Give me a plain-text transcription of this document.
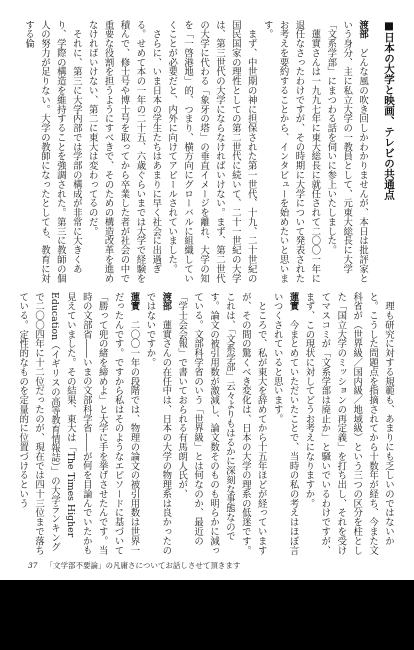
■日本の大学と映画、テレビの共通点

渡部　どんな風の吹き回しかわかりませんが、本日は批評家という身分、主に私立大学の一教員として、元東大総長に大学「文系学部」にまつわる話を伺いに参上いたしました。

　蓮實さんは一九九七年に東大総長に就任されて二〇〇一年に退任なさったわけですが、その時期に大学について発表されたお考えを要約することから、インタビューを始めたいと思います。

　まず、中世期の神に担保された第一世代、十九、二十世紀の国民国家の理性としての第二世代に続いて、二十一世紀の大学は、第三世代の大学にならなければいけない。まず、第二世代の大学に代わる「象牙の塔」の垂直イメージを離れ、大学の知を「一啓港地」的、つまり、横方向にグローバルに組織していくことが必要だと、内外に向けてアピールされていました。

　さらに、いま日本の学生たちはあまりに早く社会に出過ぎる。せめて本の一年の二十五、六歳ぐらいまでは大学で経験を積んで、修士号や博士号を取ってから卒業した者が社会の中で重要な役割を担うようにすべきで、そのための構造改革を進めなければいけない、第二に東大は変わってるのだ。

　それに、第三に大学内部では学部の構成が非常に大きくあり、学際の構造を維持することを強調された。第三に教師の個人の努力が足りない。大学の教師になったとしても、教育に対する倫

　理も研究に対する規範も、あまりにも乏しいのではないかと。こうした問題点を指摘されてから十数年が経ち、今また文科省が（世界級／国内級／地域級）という三つの区分を柱とした「国立大学のミッションの再定義」を打ち出し、それを受けてマスコミが「文系学部は廃止か」と騒いでいるわけですが、まず、この現状に対してどうお考えになりますか。

蓮實　今まとめていただいたことで、当時の私の考えはほぼ言いつくされていると思います。

　ところで、私が東大を辞めてから十五年ほどが経っていますが、その間の驚くべき変化は、日本の大学の理系の低迷です。これは、「文系学部」云々よりもはるかに深刻な事態なのです。論文の被引用数が激減し、論文数そのものも明らかに減っている。文部科学省のいう「世界級」とは何なのか、最近の「学士会会報」で書いておられる有馬朗人氏が、

渡部　蓮實さんの在任中は、日本の大学の物理系は良かったのではないですか。

蓮實　二〇〇一年の段階では、物理の論文の被引用数は世界一だったんです。ですから私はそのようなエピソードに基づいて「勝って兜の緒を締めよ」と大学に手を挙げさせたんです。当時の文部省――いまの文部科学省――が何を目論んでいたかも見えていました。その結果、東大は「The Times Higher Education（イギリスの高等教育情報誌）」の大学ランキングで二〇〇四年に十二位だったのが、現在では四十三位まで落ちている。定性的なものを定量的に位置づけるという

37 「文学部不要論」の凡庸さについてお話しさせて頂きます
